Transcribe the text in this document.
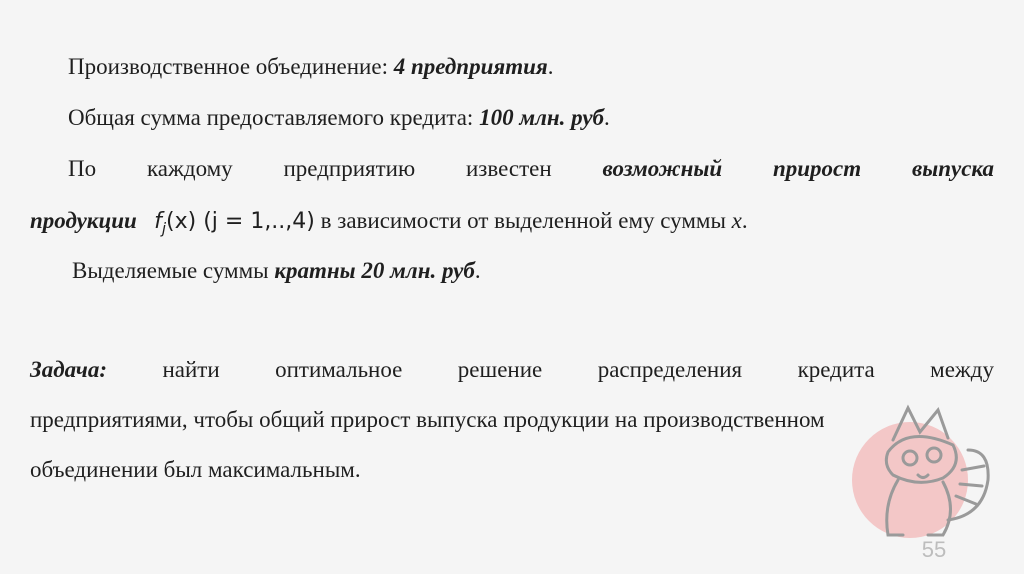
Производственное объединение: 4 предприятия.
Общая сумма предоставляемого кредита: 100 млн. руб.
По каждому предприятию известен возможный прирост выпуска
продукции $f_j(x) (j = 1,..,4)$ в зависимости от выделенной ему суммы x.
Выделяемые суммы кратны 20 млн. руб.
Задача: найти оптимальное решение распределения кредита между
предприятиями, чтобы общий прирост выпуска продукции на производственном
объединении был максимальным.
55
